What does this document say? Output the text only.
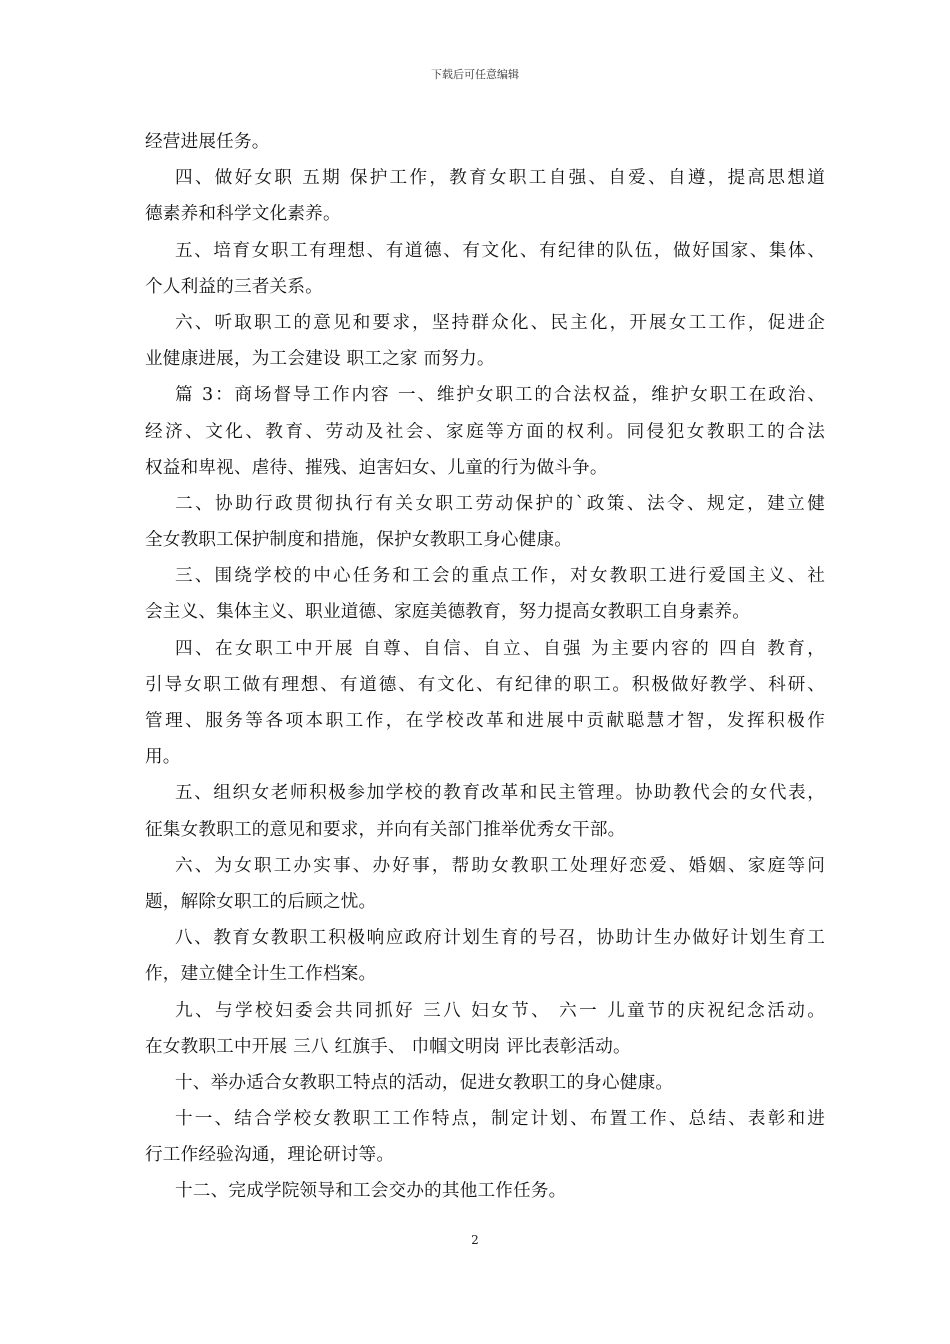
下载后可任意编辑
经营进展任务。
四、做好女职 五期 保护工作，教育女职工自强、自爱、自遵，提高思想道
德素养和科学文化素养。
五、培育女职工有理想、有道德、有文化、有纪律的队伍，做好国家、集体、
个人利益的三者关系。
六、听取职工的意见和要求，坚持群众化、民主化，开展女工工作，促进企
业健康进展，为工会建设 职工之家 而努力。
篇 3：商场督导工作内容 一、维护女职工的合法权益，维护女职工在政治、
经济、文化、教育、劳动及社会、家庭等方面的权利。同侵犯女教职工的合法
权益和卑视、虐待、摧残、迫害妇女、儿童的行为做斗争。
二、协助行政贯彻执行有关女职工劳动保护的`政策、法令、规定，建立健
全女教职工保护制度和措施，保护女教职工身心健康。
三、围绕学校的中心任务和工会的重点工作，对女教职工进行爱国主义、社
会主义、集体主义、职业道德、家庭美德教育，努力提高女教职工自身素养。
四、在女职工中开展 自尊、自信、自立、自强 为主要内容的 四自 教育，
引导女职工做有理想、有道德、有文化、有纪律的职工。积极做好教学、科研、
管理、服务等各项本职工作，在学校改革和进展中贡献聪慧才智，发挥积极作
用。
五、组织女老师积极参加学校的教育改革和民主管理。协助教代会的女代表，
征集女教职工的意见和要求，并向有关部门推举优秀女干部。
六、为女职工办实事、办好事，帮助女教职工处理好恋爱、婚姻、家庭等问
题，解除女职工的后顾之忧。
八、教育女教职工积极响应政府计划生育的号召，协助计生办做好计划生育工
作，建立健全计生工作档案。
九、与学校妇委会共同抓好 三八 妇女节、 六一 儿童节的庆祝纪念活动。
在女教职工中开展 三八 红旗手、 巾帼文明岗 评比表彰活动。
十、举办适合女教职工特点的活动，促进女教职工的身心健康。
十一、结合学校女教职工工作特点，制定计划、布置工作、总结、表彰和进
行工作经验沟通，理论研讨等。
十二、完成学院领导和工会交办的其他工作任务。
2
